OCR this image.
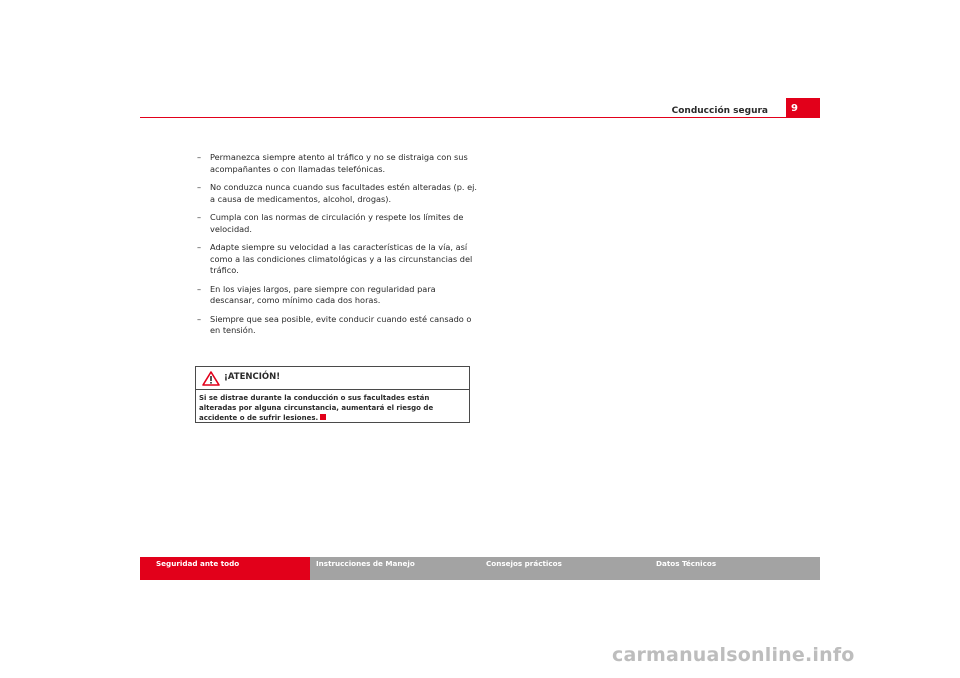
Conducción segura	9
– Permanezca siempre atento al tráfico y no se distraiga con sus acompañantes o con llamadas telefónicas.
– No conduzca nunca cuando sus facultades estén alteradas (p. ej. a causa de medicamentos, alcohol, drogas).
– Cumpla con las normas de circulación y respete los límites de velocidad.
– Adapte siempre su velocidad a las características de la vía, así como a las condiciones climatológicas y a las circunstancias del tráfico.
– En los viajes largos, pare siempre con regularidad para descansar, como mínimo cada dos horas.
– Siempre que sea posible, evite conducir cuando esté cansado o en tensión.
¡ATENCIÓN!
Si se distrae durante la conducción o sus facultades están alteradas por alguna circunstancia, aumentará el riesgo de accidente o de sufrir lesiones.
Seguridad ante todo	Instrucciones de Manejo	Consejos prácticos	Datos Técnicos
carmanualsonline.info
